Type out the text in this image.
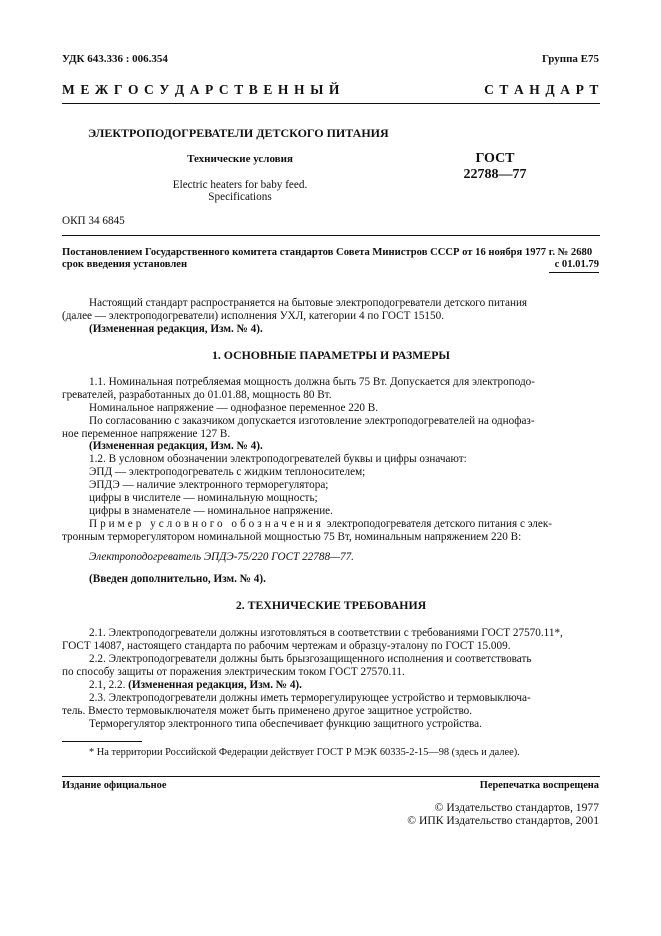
УДК 643.336 : 006.354	Группа Е75
М Е Ж Г О С У Д А Р С Т В Е Н Н Ы Й	С Т А Н Д А Р Т
ЭЛЕКТРОПОДОГРЕВАТЕЛИ ДЕТСКОГО ПИТАНИЯ
Технические условия
Electric heaters for baby feed.
Specifications
ГОСТ
22788—77
ОКП 34 6845
Постановлением Государственного комитета стандартов Совета Министров СССР от 16 ноября 1977 г. № 2680
срок введения установлен	с 01.01.79
Настоящий стандарт распространяется на бытовые электроподогреватели детского питания
(далее — электроподогреватели) исполнения УХЛ, категории 4 по ГОСТ 15150.
(Измененная редакция, Изм. № 4).
1. ОСНОВНЫЕ ПАРАМЕТРЫ И РАЗМЕРЫ
1.1. Номинальная потребляемая мощность должна быть 75 Вт. Допускается для электроподо-
гревателей, разработанных до 01.01.88, мощность 80 Вт.
Номинальное напряжение — однофазное переменное 220 В.
По согласованию с заказчиком допускается изготовление электроподогревателей на однофаз-
ное переменное напряжение 127 В.
(Измененная редакция, Изм. № 4).
1.2. В условном обозначении электроподогревателей буквы и цифры означают:
ЭПД — электроподогреватель с жидким теплоносителем;
ЭПДЭ — наличие электронного терморегулятора;
цифры в числителе — номинальную мощность;
цифры в знаменателе — номинальное напряжение.
Пример условного обозначения электроподогревателя детского питания с элек-
тронным терморегулятором номинальной мощностью 75 Вт, номинальным напряжением 220 В:
Электроподогреватель ЭПДЭ-75/220 ГОСТ 22788—77.
(Введен дополнительно, Изм. № 4).
2. ТЕХНИЧЕСКИЕ ТРЕБОВАНИЯ
2.1. Электроподогреватели должны изготовляться в соответствии с требованиями ГОСТ 27570.11*,
ГОСТ 14087, настоящего стандарта по рабочим чертежам и образцу-эталону по ГОСТ 15.009.
2.2. Электроподогреватели должны быть брызгозащищенного исполнения и соответствовать
по способу защиты от поражения электрическим током ГОСТ 27570.11.
2.1, 2.2. (Измененная редакция, Изм. № 4).
2.3. Электроподогреватели должны иметь терморегулирующее устройство и термовыключа-
тель. Вместо термовыключателя может быть применено другое защитное устройство.
Терморегулятор электронного типа обеспечивает функцию защитного устройства.
* На территории Российской Федерации действует ГОСТ Р МЭК 60335-2-15—98 (здесь и далее).
Издание официальное	Перепечатка воспрещена
© Издательство стандартов, 1977
© ИПК Издательство стандартов, 2001
